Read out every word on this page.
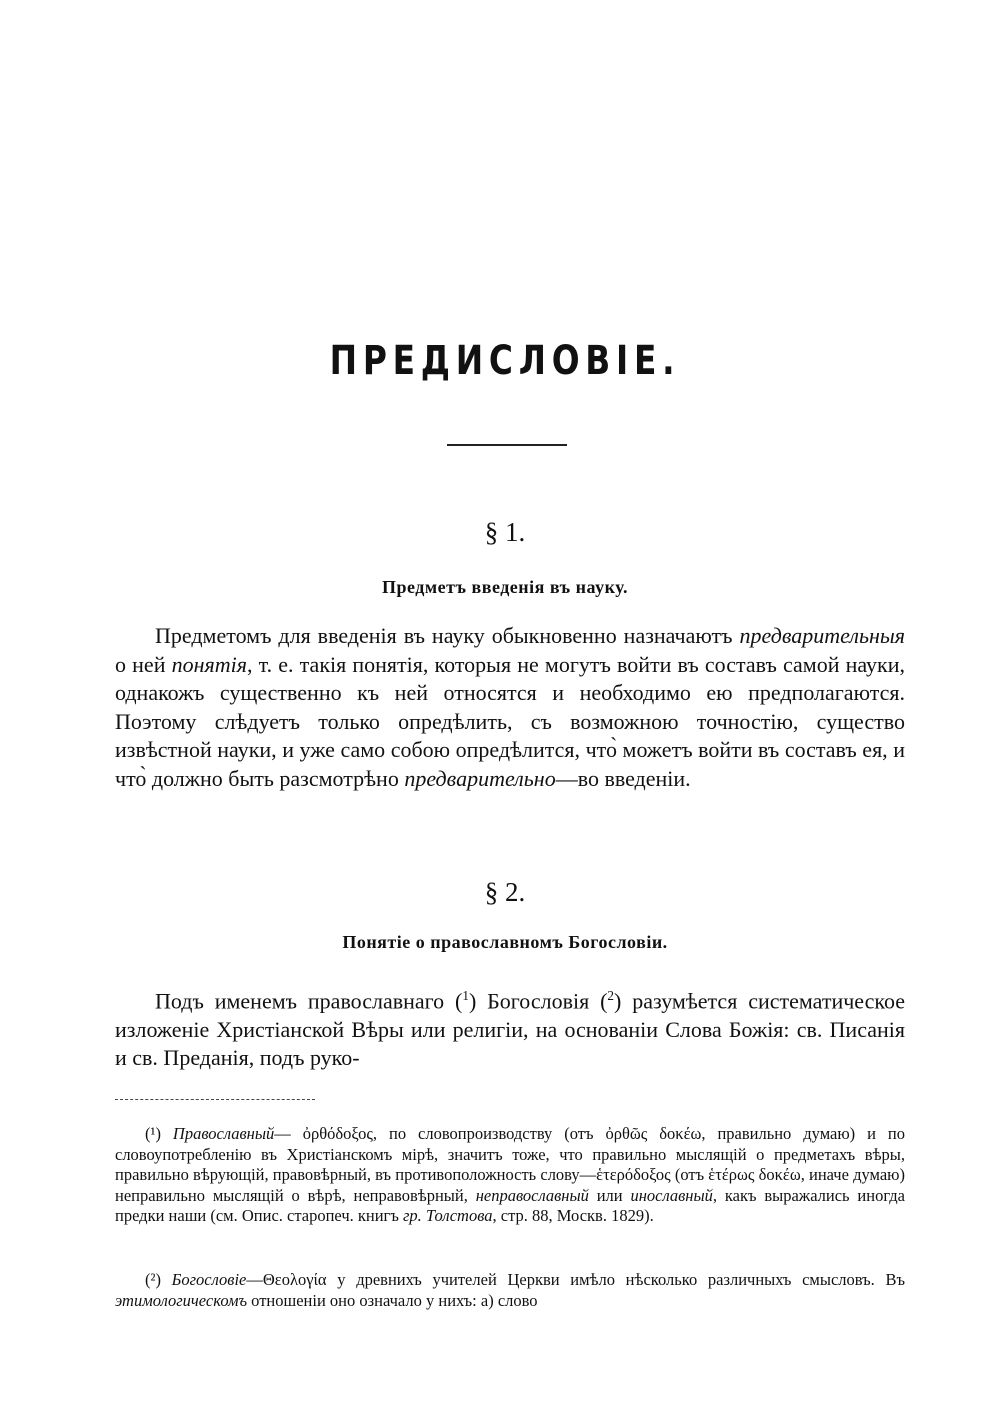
ПРЕДИСЛОВІЕ.
§ 1.
Предметъ введенія въ науку.

Предметомъ для введенія въ науку обыкновенно назначаютъ предварительныя о ней понятія, т. е. такія понятія, которыя не могутъ войти въ составъ самой науки, однакожъ существенно къ ней относятся и необходимо ею предполагаются. Поэтому слѣдуетъ только опредѣлить, съ возможною точностію, существо извѣстной науки, и уже само собою опредѣлится, что̀ можетъ войти въ составъ ея, и что̀ должно быть разсмотрѣно предварительно—во введеніи.

§ 2.
Понятіе о православномъ Богословіи.

Подъ именемъ православнаго ($^1$) Богословія ($^2$) разумѣется систематическое изложеніе Христіанской Вѣры или религіи, на основаніи Слова Божія: св. Писанія и св. Преданія, подъ руко-

(¹) Православный— ὀρθόδοξος, по словопроизводству (отъ ὀρθῶς δοκέω, правильно думаю) и по словоупотребленію въ Христіанскомъ мірѣ, значитъ тоже, что правильно мыслящій о предметахъ вѣры, правильно вѣрующій, правовѣрный, въ противоположность слову—ἑτερόδοξος (отъ ἑτέρως δοκέω, иначе думаю) неправильно мыслящій о вѣрѣ, неправовѣрный, неправославный или инославный, какъ выражались иногда предки наши (см. Опис. старопеч. книгъ гр. Толстова, стр. 88, Москв. 1829).

(²) Богословіе—Θεολογία у древнихъ учителей Церкви имѣло нѣсколько различныхъ смысловъ. Въ этимологическомъ отношеніи оно означало у нихъ: а) слово
